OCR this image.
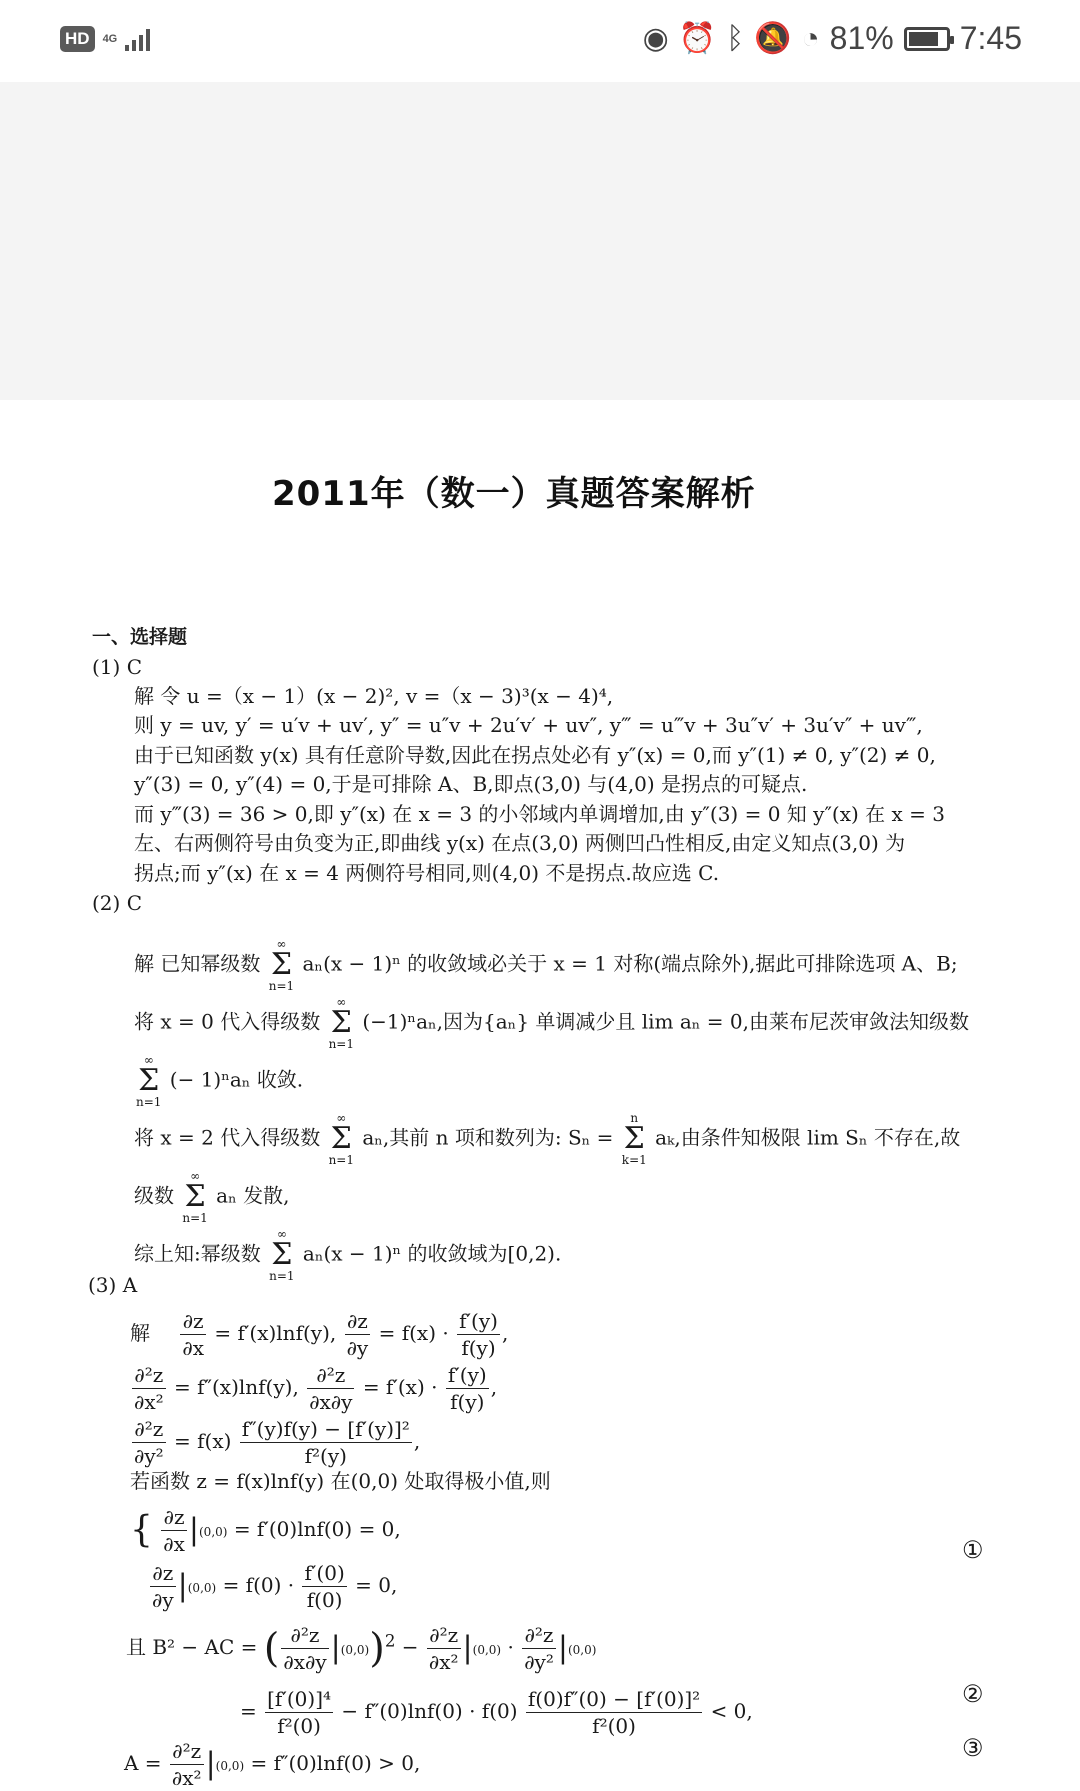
HD	4G	◉ ⏰ ᛒ 🔕 ◔ 81% 7:45
2011年（数一）真题答案解析
一、选择题
(1) C
解 令 u =（x − 1）(x − 2)², v =（x − 3)³(x − 4)⁴,
则 y = uv, y′ = u′v + uv′, y″ = u″v + 2u′v′ + uv″, y‴ = u‴v + 3u″v′ + 3u′v″ + uv‴,
由于已知函数 y(x) 具有任意阶导数,因此在拐点处必有 y″(x) = 0,而 y″(1) ≠ 0, y″(2) ≠ 0,
y″(3) = 0, y″(4) = 0,于是可排除 A、B,即点(3,0) 与(4,0) 是拐点的可疑点.
而 y‴(3) = 36 > 0,即 y″(x) 在 x = 3 的小邻域内单调增加,由 y″(3) = 0 知 y″(x) 在 x = 3
左、右两侧符号由负变为正,即曲线 y(x) 在点(3,0) 两侧凹凸性相反,由定义知点(3,0) 为
拐点;而 y″(x) 在 x = 4 两侧符号相同,则(4,0) 不是拐点.故应选 C.
(2) C
解 已知幂级数 ∞
Σ
n=1 aₙ(x − 1)ⁿ 的收敛域必关于 x = 1 对称(端点除外),据此可排除选项 A、B;
将 x = 0 代入得级数 ∞
Σ
n=1 (−1)ⁿaₙ,因为{aₙ} 单调减少且 lim aₙ = 0,由莱布尼茨审敛法知级数
∞
Σ
n=1 (− 1)ⁿaₙ 收敛.
将 x = 2 代入得级数 ∞
Σ
n=1 aₙ,其前 n 项和数列为: Sₙ = n
Σ
k=1 aₖ,由条件知极限 lim Sₙ 不存在,故
级数 ∞
Σ
n=1 aₙ 发散,
综上知:幂级数 ∞
Σ
n=1 aₙ(x − 1)ⁿ 的收敛域为[0,2).
(3) A
解 $\frac{\partial z}{\partial x} = f'(x)\ln f(y)$, $\frac{\partial z}{\partial y} = f(x) \cdot \frac{f'(y)}{f(y)}$ ,
$\frac{\text{∂²z}}{\text{∂x²}} = f''(x)\ln f(y)$, $\frac{\text{∂²z}}{\partial x\partial y} = f'(x) \cdot \frac{f'(y)}{f(y)}$ ,
$\frac{\text{∂²z}}{\text{∂y²}} = f(x) \frac{\text{f″(y)f(y) − [f′(y)]²}}{\text{f²(y)}}$ ,
若函数 z = f(x)lnf(y) 在(0,0) 处取得极小值,则
{ $\frac{\partial z}{\partial x} |(0,0) = f'(0)\ln f(0) = 0$,
$\frac{\partial z}{\partial y} |(0,0) = f(0) \cdot \frac{f'(0)}{f(0)} = 0$,
①
且 B² − AC = ( $\frac{\text{∂²z}}{\partial x\partial y} |(0,0))^2 - \frac{\text{∂²z}}{\text{∂x²}} |(0,0) \cdot \frac{\text{∂²z}}{\text{∂y²}} |(0,0)$
= $\frac{\text{[f′(0)]⁴}}{\text{f²(0)}} - f''(0)\ln f(0) \cdot f(0) \frac{\text{f(0)f″(0) − [f′(0)]²}}{\text{f²(0)}} < 0$,
②
$A = \frac{\text{∂²z}}{\text{∂x²}} |(0,0) = f''(0)\ln f(0) > 0$,
③
